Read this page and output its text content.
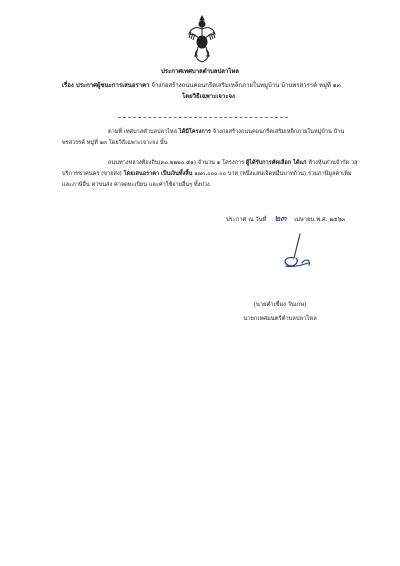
ประกาศเทศบาลตำบลปลาไหล
เรื่อง ประกาศผู้ชนะการเสนอราคา จ้างก่อสร้างถนนคอนกรีตเสริมเหล็กภายในหมู่บ้าน บ้านพรสวรรค์ หมู่ที่ ๑๓
โดยวิธีเฉพาะเจาะจง
ตามที่ เทศบาลตำบลปลาไหล ได้มีโครงการ จ้างก่อสร้างถนนคอนกรีตเสริมเหล็กภายในหมู่บ้าน บ้านพรสวรรค์ หมู่ที่ ๑๓ โดยวิธีเฉพาะเจาะจง นั้น
ถนนทางหลวงท้องถิ่น(๓๐.๒๒๒๐.๕๑) จำนวน ๑ โครงการ ผู้ได้รับการคัดเลือก ได้แก่ ห้างหุ้นส่วนจำกัด วสุบริการซาคนคร (ขายส่ง) โดยเสนอราคา เป็นเงินทั้งสิ้น ๑๗๐,๐๐๐.๐๐ บาท (หนึ่งแสนเจ็ดหมื่นบาทถ้วน) รวมภาษีมูลค่าเพิ่มและภาษีอื่น ค่าขนส่ง ค่าจดทะเบียน และค่าใช้จ่ายอื่นๆ ทั้งปวง
ประกาศ ณ วันที่ ๒๓ เมษายน พ.ศ. ๒๕๖๓
(นายคำเชื่อง วันเกษ)
นายกเทศมนตรีตำบลปลาไหล
